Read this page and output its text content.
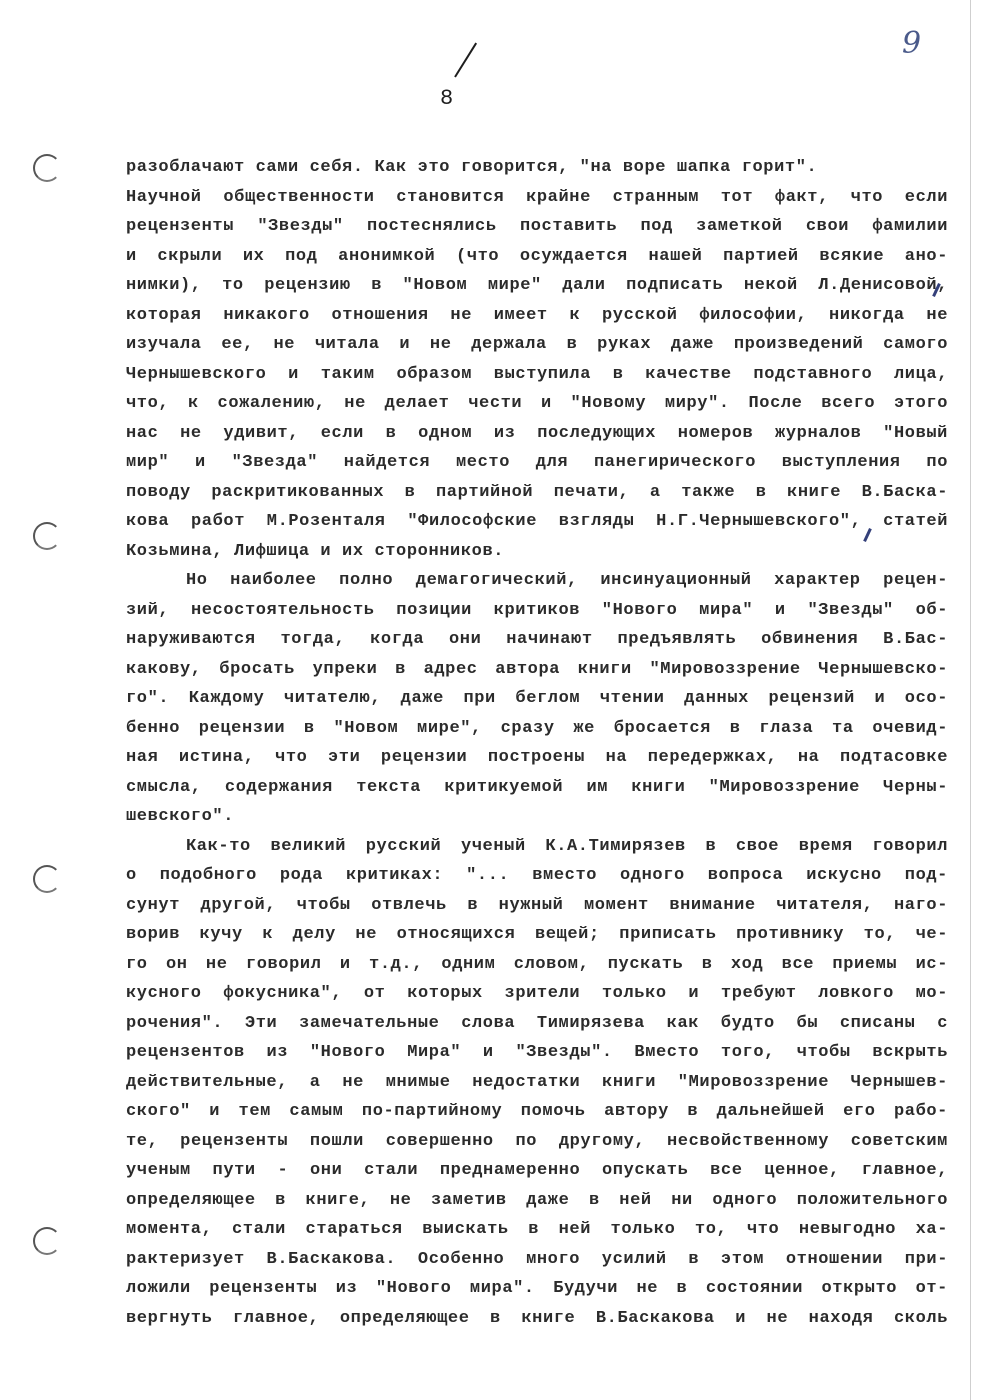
9
8
разоблачают сами себя. Как это говорится, "на воре шапка горит".
Научной общественности становится крайне странным тот факт, что если
рецензенты "Звезды" постеснялись поставить под заметкой свои фамилии
и скрыли их под анонимкой (что осуждается нашей партией всякие ано-
нимки), то рецензию в "Новом мире" дали подписать некой Л.Денисовой,
которая никакого отношения не имеет к русской философии, никогда не
изучала ее, не читала и не держала в руках даже произведений самого
Чернышевского и таким образом выступила в качестве подставного лица,
что, к сожалению, не делает чести и "Новому миру". После всего этого
нас не удивит, если в одном из последующих номеров журналов "Новый
мир" и "Звезда" найдется место для панегирического выступления по
поводу раскритикованных в партийной печати, а также в книге В.Баска-
кова работ М.Розенталя "Философские взгляды Н.Г.Чернышевского", статей
Козьмина, Лифшица и их сторонников.
Но наиболее полно демагогический, инсинуационный характер рецен-
зий, несостоятельность позиции критиков "Нового мира" и "Звезды" об-
наруживаются тогда, когда они начинают предъявлять обвинения В.Бас-
какову, бросать упреки в адрес автора книги "Мировоззрение Чернышевско-
го". Каждому читателю, даже при беглом чтении данных рецензий и осо-
бенно рецензии в "Новом мире", сразу же бросается в глаза та очевид-
ная истина, что эти рецензии построены на передержках, на подтасовке
смысла, содержания текста критикуемой им книги "Мировоззрение Черны-
шевского".
Как-то великий русский ученый К.А.Тимирязев в свое время говорил
о подобного рода критиках: "... вместо одного вопроса искусно под-
сунут другой, чтобы отвлечь в нужный момент внимание читателя, наго-
ворив кучу к делу не относящихся вещей; приписать противнику то, че-
го он не говорил и т.д., одним словом, пускать в ход все приемы ис-
кусного фокусника", от которых зрители только и требуют ловкого мо-
рочения". Эти замечательные слова Тимирязева как будто бы списаны с
рецензентов из "Нового Мира" и "Звезды". Вместо того, чтобы вскрыть
действительные, а не мнимые недостатки книги "Мировоззрение Чернышев-
ского" и тем самым по-партийному помочь автору в дальнейшей его рабо-
те, рецензенты пошли совершенно по другому, несвойственному советским
ученым пути - они стали преднамеренно опускать все ценное, главное,
определяющее в книге, не заметив даже в ней ни одного положительного
момента, стали стараться выискать в ней только то, что невыгодно ха-
рактеризует В.Баскакова. Особенно много усилий в этом отношении при-
ложили рецензенты из "Нового мира". Будучи не в состоянии открыто от-
вергнуть главное, определяющее в книге В.Баскакова и не находя сколь
